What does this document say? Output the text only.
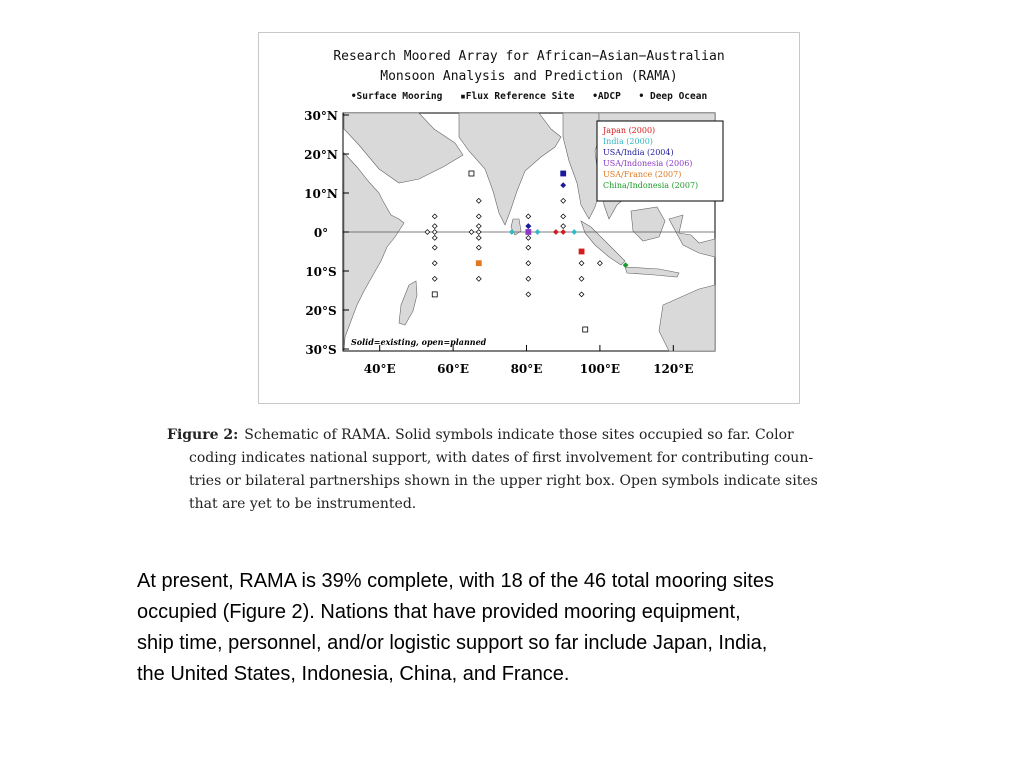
Research Moored Array for African−Asian−Australian
Monsoon Analysis and Prediction (RAMA)
•Surface Mooring ▪Flux Reference Site •ADCP • Deep Ocean
30°N
20°N
10°N
0°
10°S
20°S
30°S
40°E	60°E	80°E	100°E	120°E
Japan (2000)
India (2000)
USA/India (2004)
USA/Indonesia (2006)
USA/France (2007)
China/Indonesia (2007)
Solid=existing, open=planned
Figure 2: Schematic of RAMA. Solid symbols indicate those sites occupied so far. Color
coding indicates national support, with dates of first involvement for contributing coun-
tries or bilateral partnerships shown in the upper right box. Open symbols indicate sites
that are yet to be instrumented.
At present, RAMA is 39% complete, with 18 of the 46 total mooring sites
occupied (Figure 2). Nations that have provided mooring equipment,
ship time, personnel, and/or logistic support so far include Japan, India,
the United States, Indonesia, China, and France.
